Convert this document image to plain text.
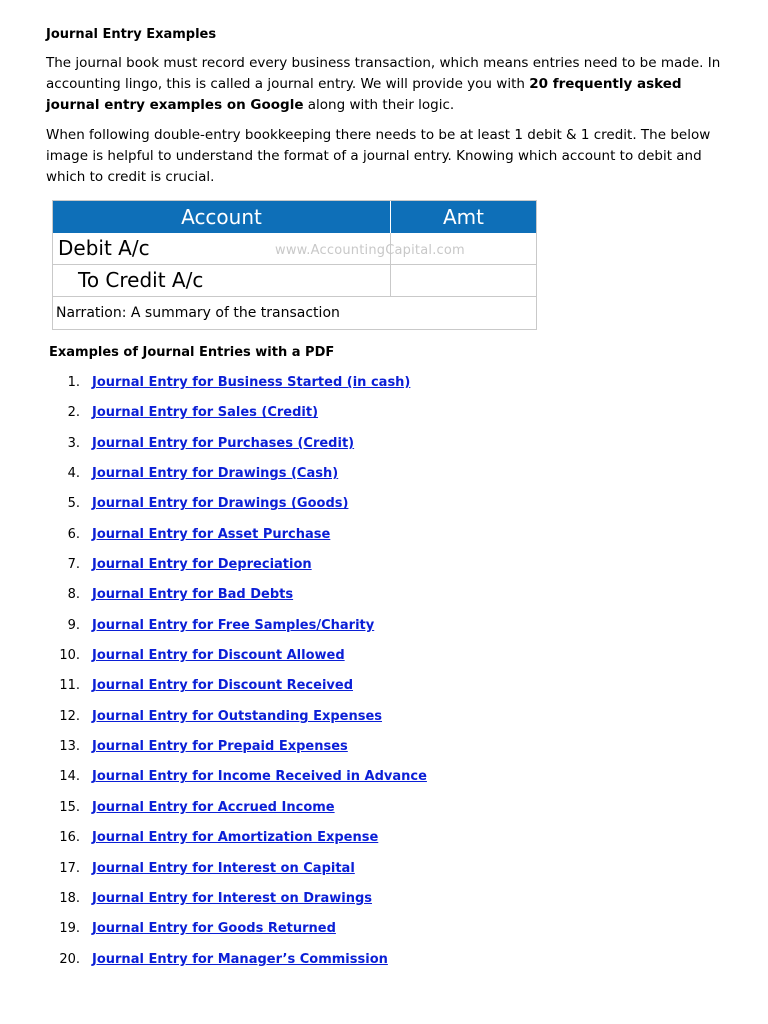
Journal Entry Examples

The journal book must record every business transaction, which means entries need to be made. In accounting lingo, this is called a journal entry. We will provide you with 20 frequently asked journal entry examples on Google along with their logic.

When following double-entry bookkeeping there needs to be at least 1 debit & 1 credit. The below image is helpful to understand the format of a journal entry. Knowing which account to debit and which to credit is crucial.

Account	Amt
Debit A/c
To Credit A/c
Narration: A summary of the transaction
www.AccountingCapital.com
Examples of Journal Entries with a PDF
1. Journal Entry for Business Started (in cash)
2. Journal Entry for Sales (Credit)
3. Journal Entry for Purchases (Credit)
4. Journal Entry for Drawings (Cash)
5. Journal Entry for Drawings (Goods)
6. Journal Entry for Asset Purchase
7. Journal Entry for Depreciation
8. Journal Entry for Bad Debts
9. Journal Entry for Free Samples/Charity
10. Journal Entry for Discount Allowed
11. Journal Entry for Discount Received
12. Journal Entry for Outstanding Expenses
13. Journal Entry for Prepaid Expenses
14. Journal Entry for Income Received in Advance
15. Journal Entry for Accrued Income
16. Journal Entry for Amortization Expense
17. Journal Entry for Interest on Capital
18. Journal Entry for Interest on Drawings
19. Journal Entry for Goods Returned
20. Journal Entry for Manager’s Commission
